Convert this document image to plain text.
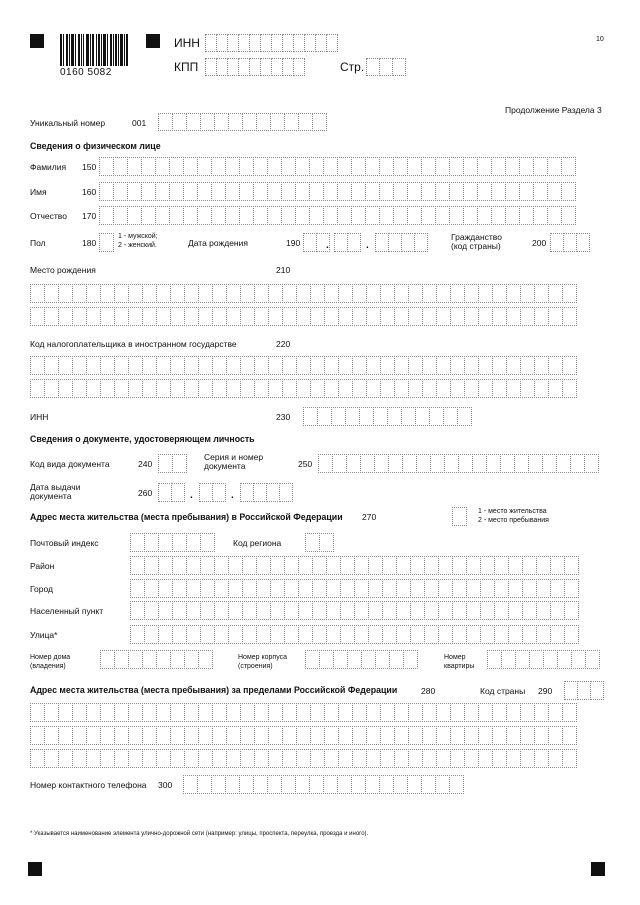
0160 5082
ИНН
КПП	Стр.
10
Продолжение Раздела 3
Уникальный номер	001
Сведения о физическом лице
Фамилия 150
Имя	160
Отчество 170
Пол	180
1 - мужской;
2 - женский.	Дата рождения	190	.	.
Гражданство
(код страны)	200
Место рождения	210
Код налогоплательщика в иностранном государстве	220
ИНН	230
Сведения о документе, удостоверяющем личность
Код вида документа	240
Серия и номер
документа	250
Дата выдачи
документа	260	.	.
Адрес места жительства (места пребывания) в Российской Федерации 270
1 - место жительства
2 - место пребывания
Почтовый индекс	Код региона
Район
Город
Населенный пункт
Улица*
Номер дома
(владения)
Номер корпуса
(строения)
Номер
квартиры
Адрес места жительства (места пребывания) за пределами Российской Федерации	280	Код страны 290
Номер контактного телефона 300
* Указывается наименование элемента улично-дорожной сети (например: улицы, проспекта, переулка, проезда и иного).
